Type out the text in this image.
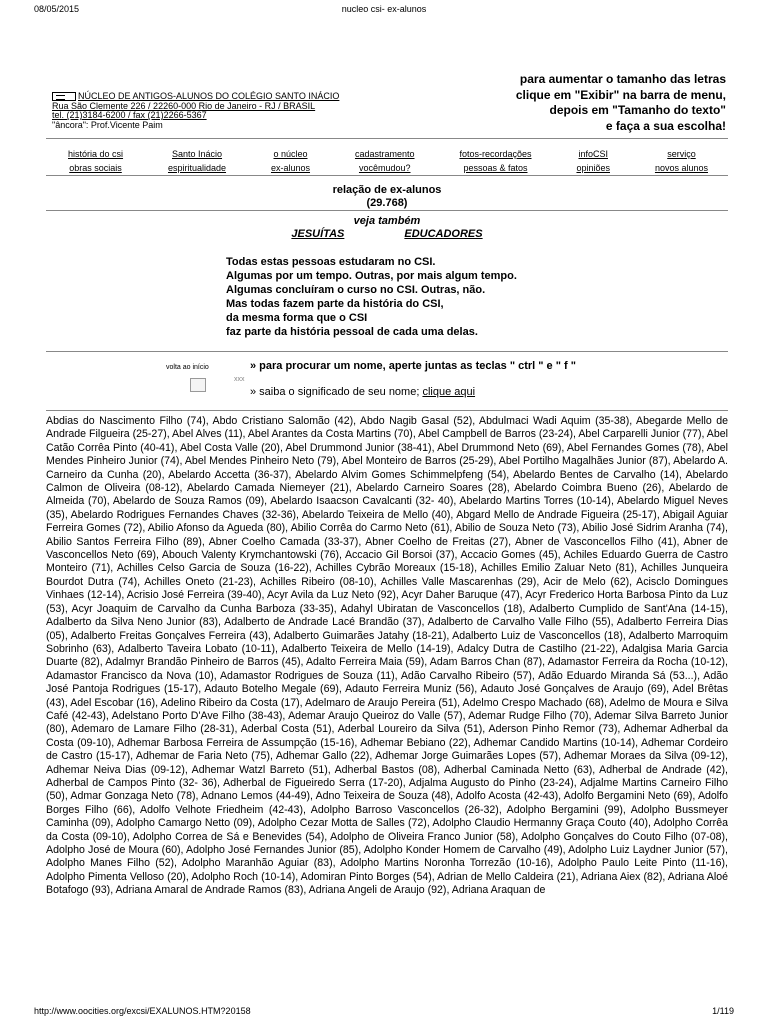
08/05/2015	nucleo csi- ex-alunos
NÚCLEO DE ANTIGOS-ALUNOS DO COLÉGIO SANTO INÁCIO
Rua São Clemente 226 / 22260-000 Rio de Janeiro - RJ / BRASIL
tel. (21)3184-6200 / fax (21)2266-5367
"âncora": Prof.Vicente Paim
para aumentar o tamanho das letras
clique em "Exibir" na barra de menu,
depois em "Tamanho do texto"
e faça a sua escolha!
história do csi
obras sociais
Santo Inácio
espiritualidade
o núcleo
ex-alunos
cadastramento
vocêmudou?
fotos-recordações
pessoas & fatos
infoCSI
opiniões
serviço
novos alunos
relação de ex-alunos
(29.768)
veja também
JESUÍTAS	EDUCADORES
Todas estas pessoas estudaram no CSI.
Algumas por um tempo. Outras, por mais algum tempo.
Algumas concluíram o curso no CSI. Outras, não.
Mas todas fazem parte da história do CSI,
da mesma forma que o CSI
faz parte da história pessoal de cada uma delas.
volta ao início
xxx
» para procurar um nome, aperte juntas as teclas " ctrl " e " f "
» saiba o significado de seu nome; clique aqui
Abdias do Nascimento Filho (74), Abdo Cristiano Salomão (42), Abdo Nagib Gasal (52), Abdulmaci Wadi Aquim (35-38), Abegarde Mello de Andrade Filgueira (25-27), Abel Alves (11), Abel Arantes da Costa Martins (70), Abel Campbell de Barros (23-24), Abel Carparelli Junior (77), Abel Catão Corrêa Pinto (40-41), Abel Costa Valle (20), Abel Drummond Junior (38-41), Abel Drummond Neto (69), Abel Fernandes Gomes (78), Abel Mendes Pinheiro Junior (74), Abel Mendes Pinheiro Neto (79), Abel Monteiro de Barros (25-29), Abel Portilho Magalhães Junior (87), Abelardo A. Carneiro da Cunha (20), Abelardo Accetta (36-37), Abelardo Alvim Gomes Schimmelpfeng (54), Abelardo Bentes de Carvalho (14), Abelardo Calmon de Oliveira (08-12), Abelardo Camada Niemeyer (21), Abelardo Carneiro Soares (28), Abelardo Coimbra Bueno (26), Abelardo de Almeida (70), Abelardo de Souza Ramos (09), Abelardo Isaacson Cavalcanti (32- 40), Abelardo Martins Torres (10-14), Abelardo Miguel Neves (35), Abelardo Rodrigues Fernandes Chaves (32-36), Abelardo Teixeira de Mello (40), Abgard Mello de Andrade Figueira (25-17), Abigail Aguiar Ferreira Gomes (72), Abilio Afonso da Agueda (80), Abilio Corrêa do Carmo Neto (61), Abilio de Souza Neto (73), Abilio José Sidrim Aranha (74), Abilio Santos Ferreira Filho (89), Abner Coelho Camada (33-37), Abner Coelho de Freitas (27), Abner de Vasconcellos Filho (41), Abner de Vasconcellos Neto (69), Abouch Valenty Krymchantowski (76), Accacio Gil Borsoi (37), Accacio Gomes (45), Achiles Eduardo Guerra de Castro Monteiro (71), Achilles Celso Garcia de Souza (16-22), Achilles Cybrão Moreaux (15-18), Achilles Emilio Zaluar Neto (81), Achilles Junqueira Bourdot Dutra (74), Achilles Oneto (21-23), Achilles Ribeiro (08-10), Achilles Valle Mascarenhas (29), Acir de Melo (62), Acisclo Domingues Vinhaes (12-14), Acrisio José Ferreira (39-40), Acyr Avila da Luz Neto (92), Acyr Daher Baruque (47), Acyr Frederico Horta Barbosa Pinto da Luz (53), Acyr Joaquim de Carvalho da Cunha Barboza (33-35), Adahyl Ubiratan de Vasconcellos (18), Adalberto Cumplido de Sant'Ana (14-15), Adalberto da Silva Neno Junior (83), Adalberto de Andrade Lacé Brandão (37), Adalberto de Carvalho Valle Filho (55), Adalberto Ferreira Dias (05), Adalberto Freitas Gonçalves Ferreira (43), Adalberto Guimarães Jatahy (18-21), Adalberto Luiz de Vasconcellos (18), Adalberto Marroquim Sobrinho (63), Adalberto Taveira Lobato (10-11), Adalberto Teixeira de Mello (14-19), Adalcy Dutra de Castilho (21-22), Adalgisa Maria Garcia Duarte (82), Adalmyr Brandão Pinheiro de Barros (45), Adalto Ferreira Maia (59), Adam Barros Chan (87), Adamastor Ferreira da Rocha (10-12), Adamastor Francisco da Nova (10), Adamastor Rodrigues de Souza (11), Adão Carvalho Ribeiro (57), Adão Eduardo Miranda Sá (53...), Adão José Pantoja Rodrigues (15-17), Adauto Botelho Megale (69), Adauto Ferreira Muniz (56), Adauto José Gonçalves de Araujo (69), Adel Brêtas (43), Adel Escobar (16), Adelino Ribeiro da Costa (17), Adelmaro de Araujo Pereira (51), Adelmo Crespo Machado (68), Adelmo de Moura e Silva Café (42-43), Adelstano Porto D'Ave Filho (38-43), Ademar Araujo Queiroz do Valle (57), Ademar Rudge Filho (70), Ademar Silva Barreto Junior (80), Ademaro de Lamare Filho (28-31), Aderbal Costa (51), Aderbal Loureiro da Silva (51), Aderson Pinho Remor (73), Adhemar Adherbal da Costa (09-10), Adhemar Barbosa Ferreira de Assumpção (15-16), Adhemar Bebiano (22), Adhemar Candido Martins (10-14), Adhemar Cordeiro de Castro (15-17), Adhemar de Faria Neto (75), Adhemar Gallo (22), Adhemar Jorge Guimarães Lopes (57), Adhemar Moraes da Silva (09-12), Adhemar Neiva Dias (09-12), Adhemar Watzl Barreto (51), Adherbal Bastos (08), Adherbal Caminada Netto (63), Adherbal de Andrade (42), Adherbal de Campos Pinto (32- 36), Adherbal de Figueiredo Serra (17-20), Adjalma Augusto do Pinho (23-24), Adjalme Martins Carneiro Filho (50), Admar Gonzaga Neto (78), Adnano Lemos (44-49), Adno Teixeira de Souza (48), Adolfo Acosta (42-43), Adolfo Bergamini Neto (69), Adolfo Borges Filho (66), Adolfo Velhote Friedheim (42-43), Adolpho Barroso Vasconcellos (26-32), Adolpho Bergamini (99), Adolpho Bussmeyer Caminha (09), Adolpho Camargo Netto (09), Adolpho Cezar Motta de Salles (72), Adolpho Claudio Hermanny Graça Couto (40), Adolpho Corrêa da Costa (09-10), Adolpho Correa de Sá e Benevides (54), Adolpho de Oliveira Franco Junior (58), Adolpho Gonçalves do Couto Filho (07-08), Adolpho José de Moura (60), Adolpho José Fernandes Junior (85), Adolpho Konder Homem de Carvalho (49), Adolpho Luiz Laydner Junior (57), Adolpho Manes Filho (52), Adolpho Maranhão Aguiar (83), Adolpho Martins Noronha Torrezão (10-16), Adolpho Paulo Leite Pinto (11-16), Adolpho Pimenta Velloso (20), Adolpho Roch (10-14), Adomiran Pinto Borges (54), Adrian de Mello Caldeira (21), Adriana Aiex (82), Adriana Aloé Botafogo (93), Adriana Amaral de Andrade Ramos (83), Adriana Angeli de Araujo (92), Adriana Araquan de
http://www.oocities.org/excsi/EXALUNOS.HTM?20158	1/119
